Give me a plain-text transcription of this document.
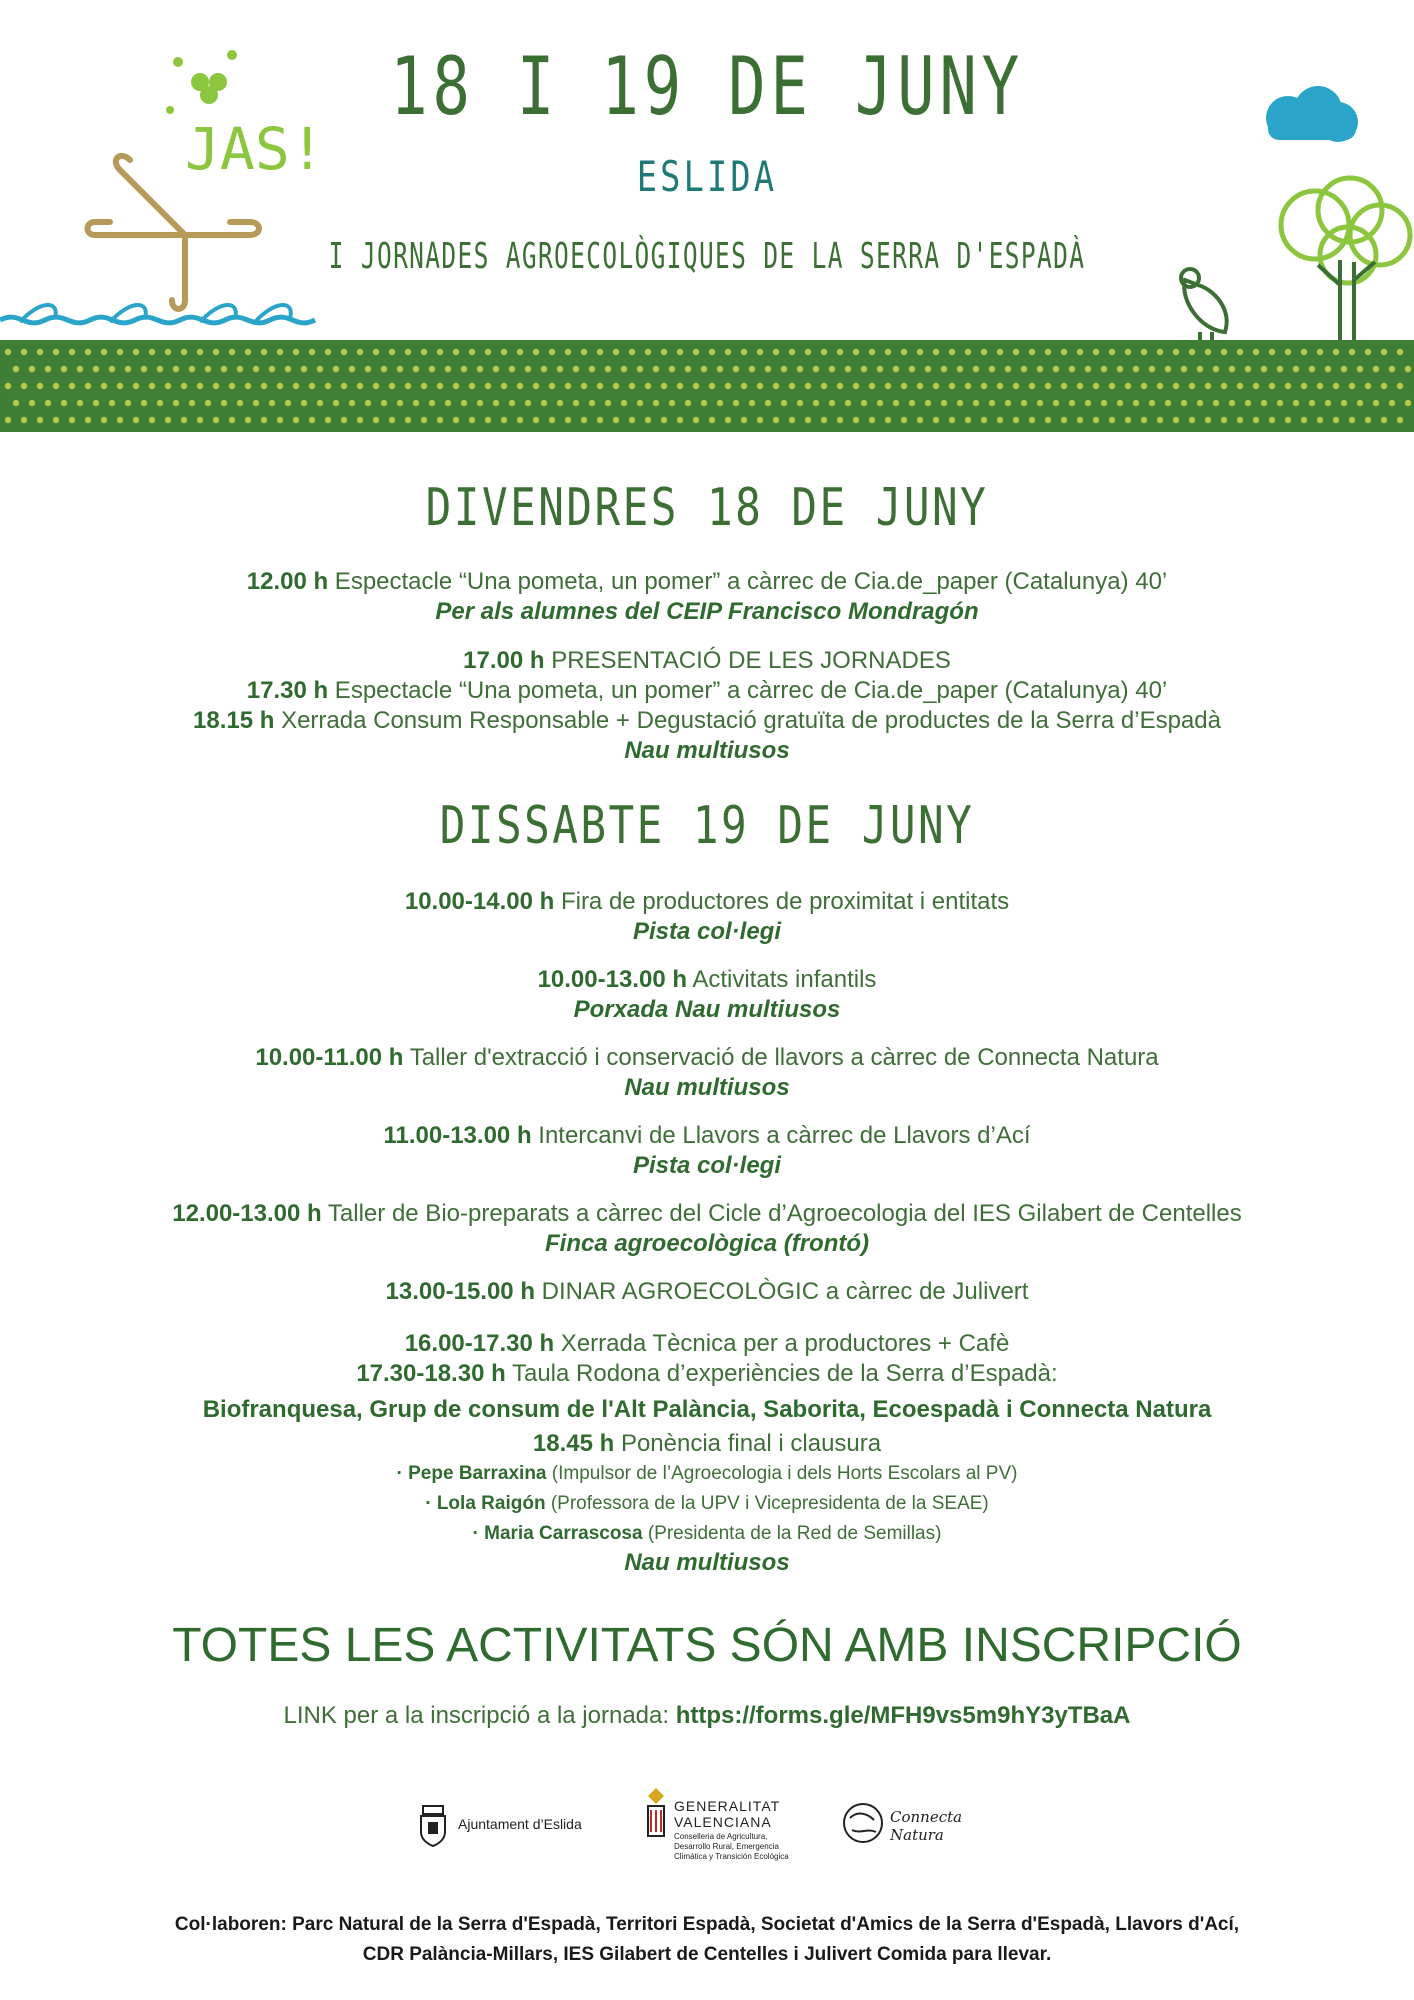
JAS!
18 I 19 DE JUNY
ESLIDA
I JORNADES AGROECOLÒGIQUES DE LA SERRA D'ESPADÀ
DIVENDRES 18 DE JUNY
12.00 h Espectacle “Una pometa, un pomer” a càrrec de Cia.de_paper (Catalunya) 40’
Per als alumnes del CEIP Francisco Mondragón
17.00 h PRESENTACIÓ DE LES JORNADES
17.30 h Espectacle “Una pometa, un pomer” a càrrec de Cia.de_paper (Catalunya) 40’
18.15 h Xerrada Consum Responsable + Degustació gratuïta de productes de la Serra d’Espadà
Nau multiusos
DISSABTE 19 DE JUNY
10.00-14.00 h Fira de productores de proximitat i entitats
Pista col·legi
10.00-13.00 h Activitats infantils
Porxada Nau multiusos
10.00-11.00 h Taller d'extracció i conservació de llavors a càrrec de Connecta Natura
Nau multiusos
11.00-13.00 h Intercanvi de Llavors a càrrec de Llavors d’Ací
Pista col·legi
12.00-13.00 h Taller de Bio-preparats a càrrec del Cicle d’Agroecologia del IES Gilabert de Centelles
Finca agroecològica (frontó)
13.00-15.00 h DINAR AGROECOLÒGIC a càrrec de Julivert
16.00-17.30 h Xerrada Tècnica per a productores + Cafè
17.30-18.30 h Taula Rodona d’experiències de la Serra d’Espadà:
Biofranquesa, Grup de consum de l'Alt Palància, Saborita, Ecoespadà i Connecta Natura
18.45 h Ponència final i clausura
· Pepe Barraxina (Impulsor de l’Agroecologia i dels Horts Escolars al PV)
· Lola Raigón (Professora de la UPV i Vicepresidenta de la SEAE)
· Maria Carrascosa (Presidenta de la Red de Semillas)
Nau multiusos
TOTES LES ACTIVITATS SÓN AMB INSCRIPCIÓ
LINK per a la inscripció a la jornada: https://forms.gle/MFH9vs5m9hY3yTBaA
Ajuntament d’Eslida
GENERALITAT
VALENCIANA
Conselleria de Agricultura,
Desarrollo Rural, Emergencia
Climática y Transición Ecológica
Connecta
Natura
Col·laboren: Parc Natural de la Serra d'Espadà, Territori Espadà, Societat d'Amics de la Serra d'Espadà, Llavors d'Ací,
CDR Palància-Millars, IES Gilabert de Centelles i Julivert Comida para llevar.
